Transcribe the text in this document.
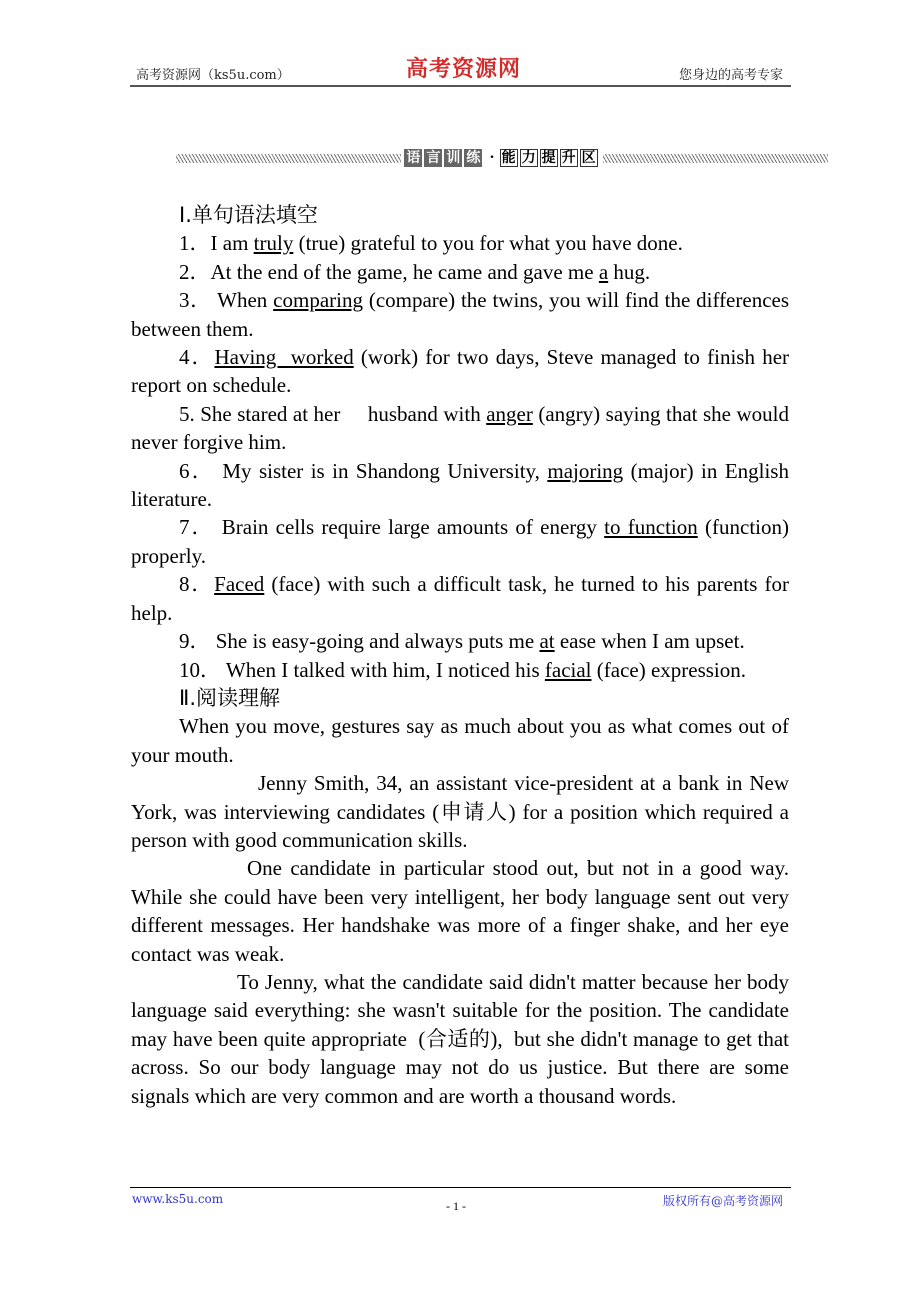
高考资源网（ks5u.com）	高考资源网	您身边的高考专家
语 言 训 练 · 能 力 提 升 区

Ⅰ.单句语法填空

1．I am truly (true) grateful to you for what you have done.

2．At the end of the game, he came and gave me a hug.

3． When comparing (compare) the twins, you will find the differences between them.

4．Having  worked (work) for two days, Steve managed to finish her report on schedule.

5. She stared at her     husband with anger (angry) saying that she would never forgive him.

6． My sister is in Shandong University, majoring (major) in English literature.

7． Brain cells require large amounts of energy to function (function) properly.

8．Faced (face) with such a difficult task, he turned to his parents for help.

9． She is easy-going and always puts me at ease when I am upset.

10． When I talked with him, I noticed his facial (face) expression.

Ⅱ.阅读理解

When you move, gestures say as much about you as what comes out of your mouth.

Jenny Smith, 34, an assistant vice-president at a bank in New York, was interviewing candidates (申请人) for a position which required a person with good communication skills.

One candidate in particular stood out, but not in a good way. While she could have been very intelligent, her body language sent out very different messages. Her handshake was more of a finger shake, and her eye contact was weak.

To Jenny, what the candidate said didn't matter because her body language said everything: she wasn't suitable for the position. The candidate may have been quite appropriate  (合适的),  but she didn't manage to get that across. So our body language may not do us justice. But there are some signals which are very common and are worth a thousand words.

www.ks5u.com	- 1 -	版权所有@高考资源网
